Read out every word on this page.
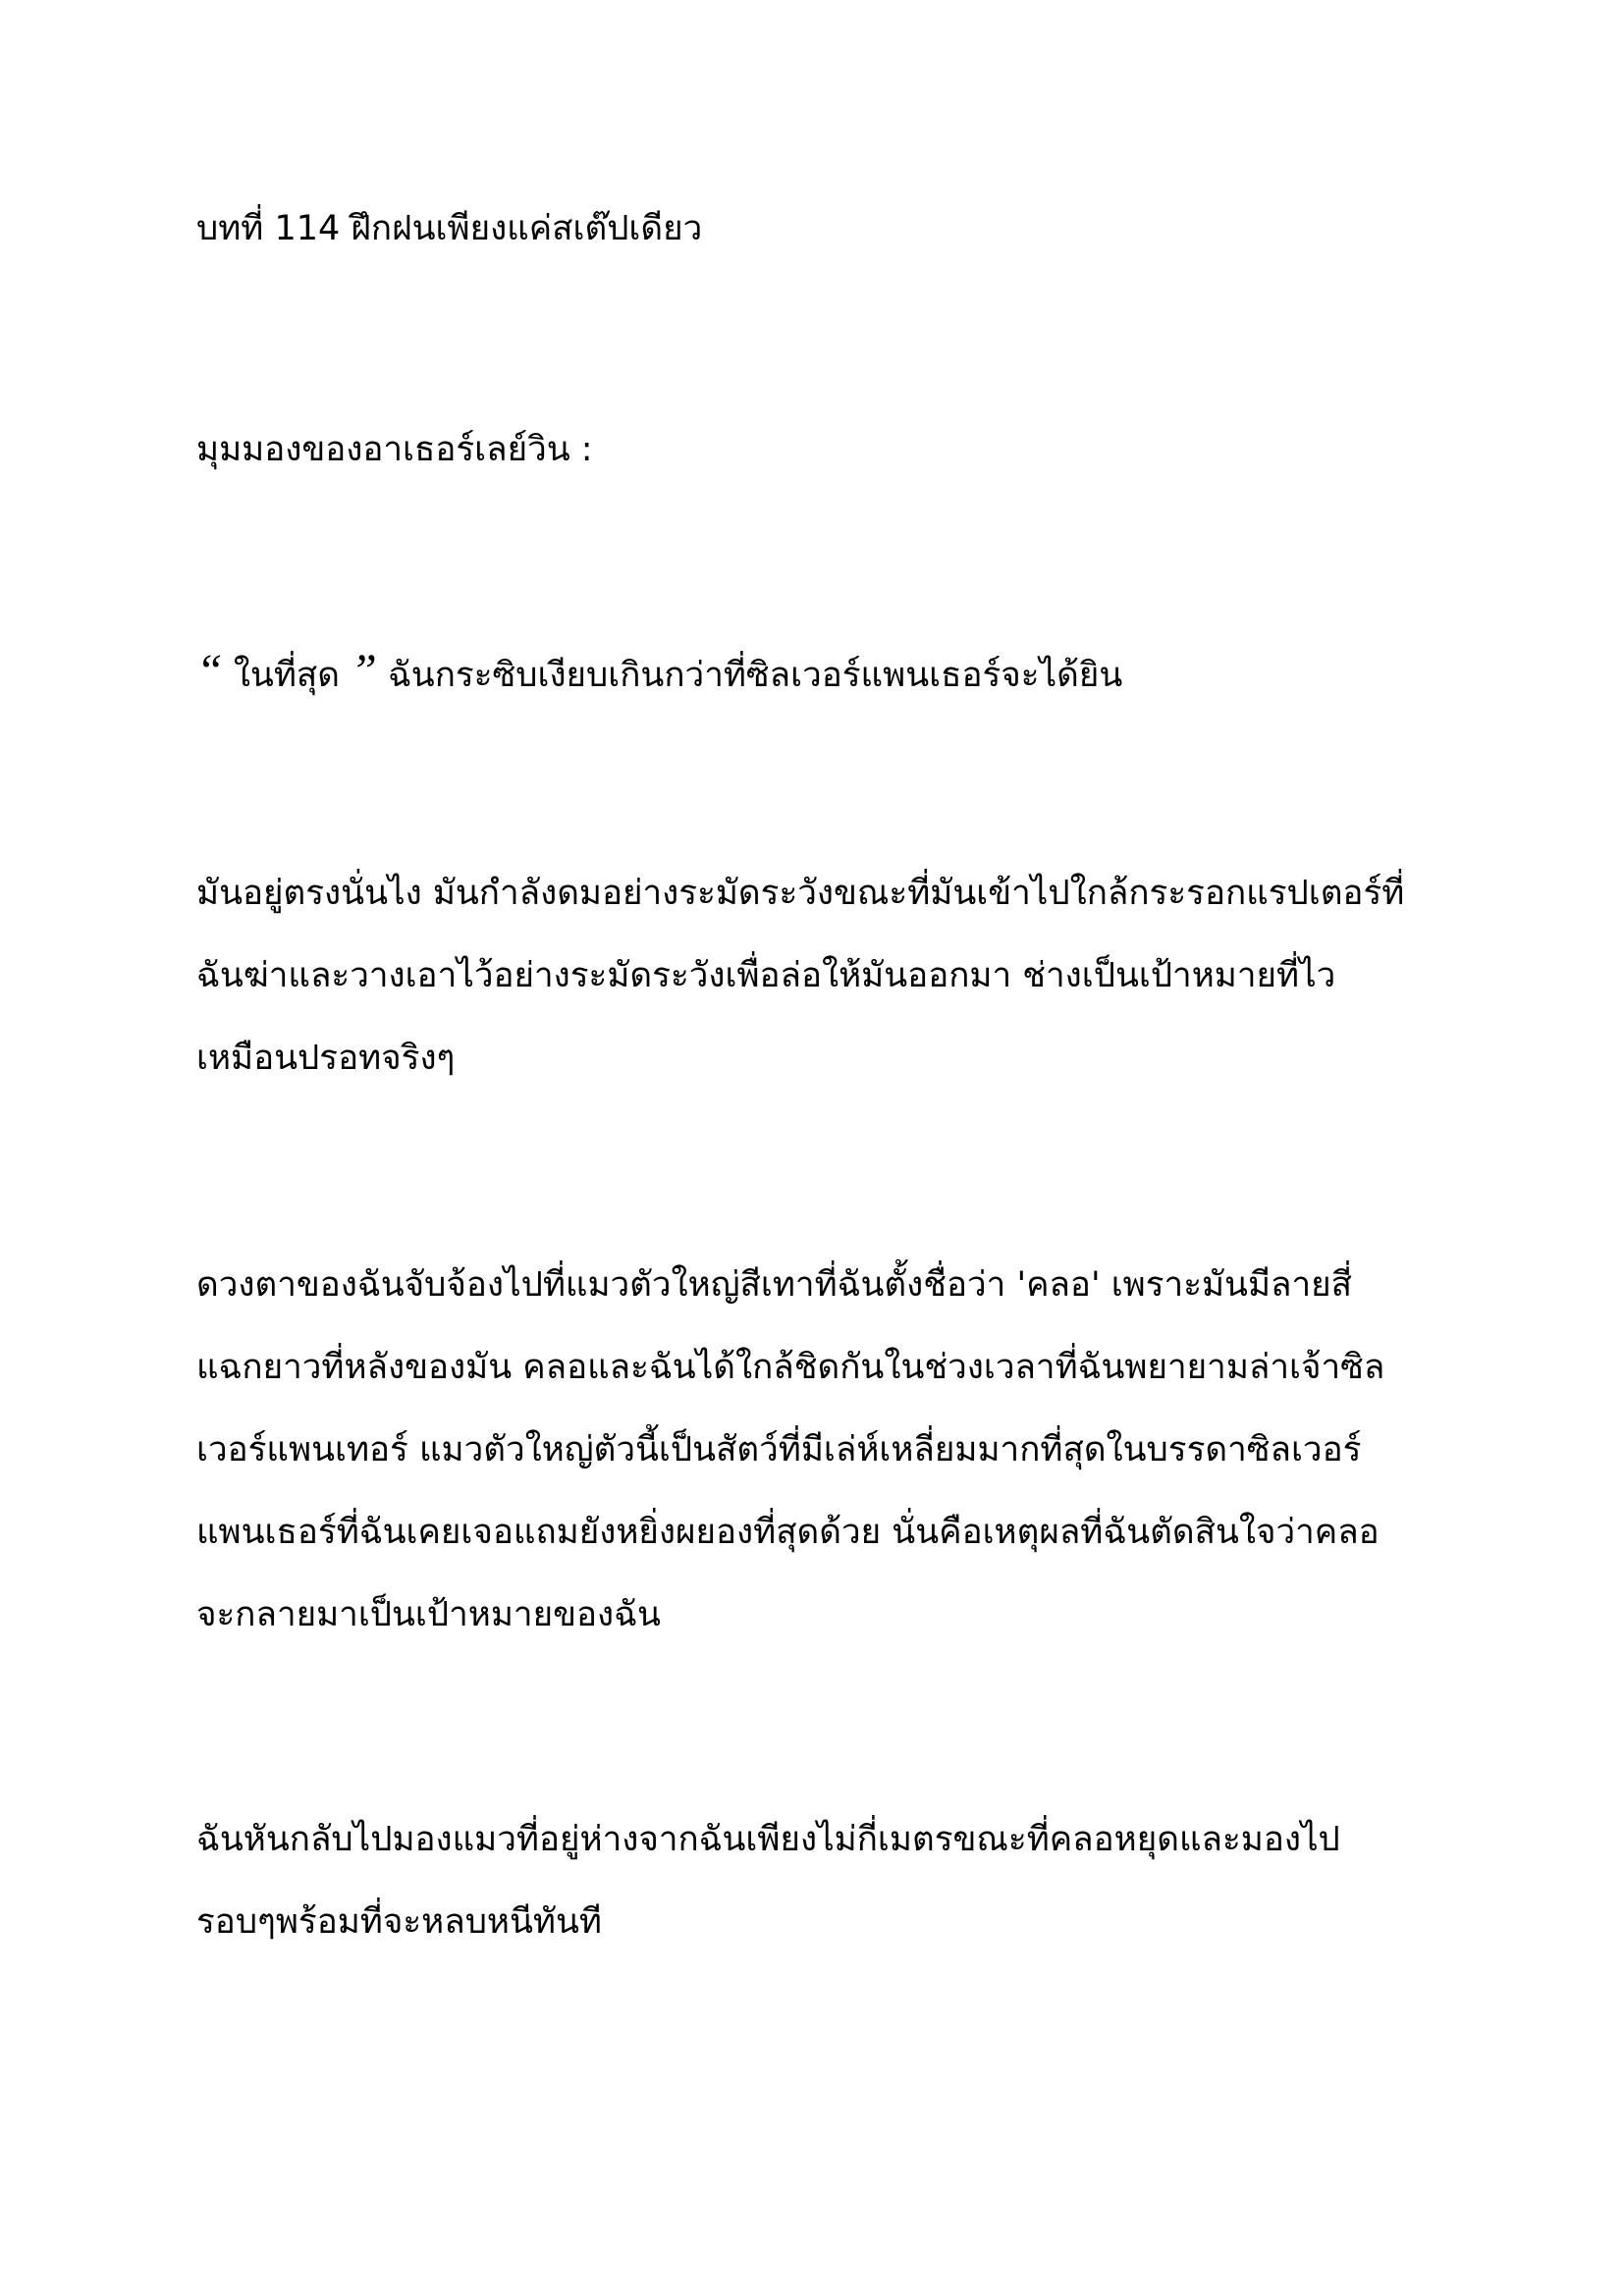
บทที่ 114 ฝึกฝนเพียงแค่สเต๊ปเดียว

มุมมองของอาเธอร์เลย์วิน :

“ ในที่สุด ” ฉันกระซิบเงียบเกินกว่าที่ซิลเวอร์แพนเธอร์จะได้ยิน

มันอยู่ตรงนั่นไง มันกำลังดมอย่างระมัดระวังขณะที่มันเข้าไปใกล้กระรอกแรปเตอร์ที่

ฉันฆ่าและวางเอาไว้อย่างระมัดระวังเพื่อล่อให้มันออกมา ช่างเป็นเป้าหมายที่ไว

เหมือนปรอทจริงๆ

ดวงตาของฉันจับจ้องไปที่แมวตัวใหญ่สีเทาที่ฉันตั้งชื่อว่า 'คลอ' เพราะมันมีลายสี่

แฉกยาวที่หลังของมัน คลอและฉันได้ใกล้ชิดกันในช่วงเวลาที่ฉันพยายามล่าเจ้าซิล

เวอร์แพนเทอร์ แมวตัวใหญ่ตัวนี้เป็นสัตว์ที่มีเล่ห์เหลี่ยมมากที่สุดในบรรดาซิลเวอร์

แพนเธอร์ที่ฉันเคยเจอแถมยังหยิ่งผยองที่สุดด้วย นั่นคือเหตุผลที่ฉันตัดสินใจว่าคลอ

จะกลายมาเป็นเป้าหมายของฉัน

ฉันหันกลับไปมองแมวที่อยู่ห่างจากฉันเพียงไม่กี่เมตรขณะที่คลอหยุดและมองไป

รอบๆพร้อมที่จะหลบหนีทันที
